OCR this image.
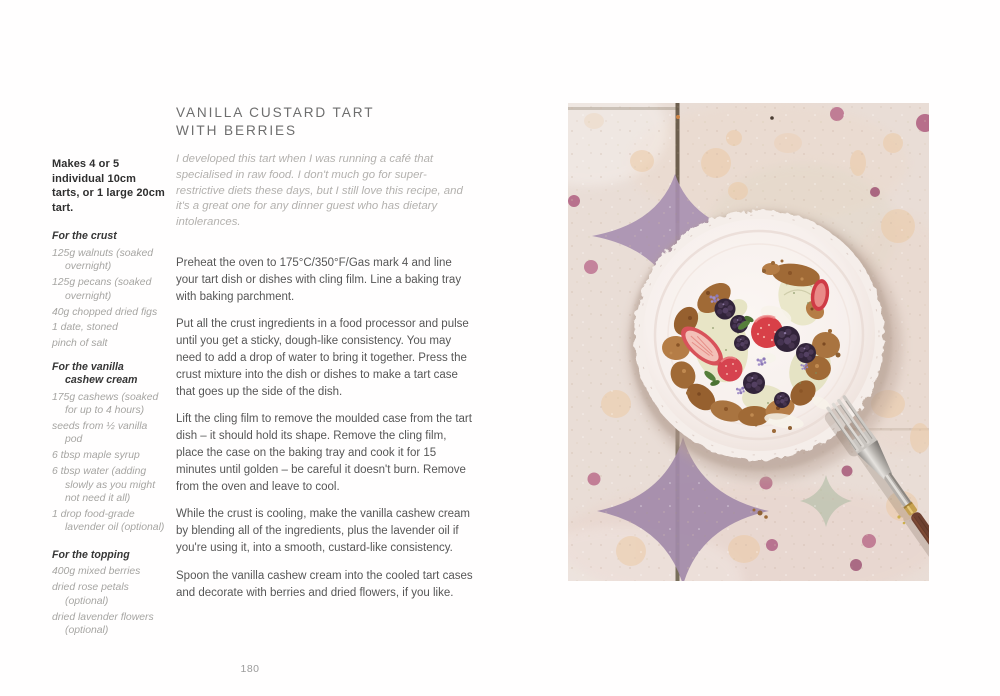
Makes 4 or 5 individual 10cm tarts, or 1 large 20cm tart.

For the crust

125g walnuts (soaked overnight)

125g pecans (soaked overnight)

40g chopped dried figs

1 date, stoned

pinch of salt

For the vanilla cashew cream

175g cashews (soaked for up to 4 hours)

seeds from ½ vanilla pod

6 tbsp maple syrup

6 tbsp water (adding slowly as you might not need it all)

1 drop food-grade lavender oil (optional)

For the topping

400g mixed berries

dried rose petals (optional)

dried lavender flowers (optional)

VANILLA CUSTARD TART
WITH BERRIES

I developed this tart when I was running a café that specialised in raw food. I don't much go for super-restrictive diets these days, but I still love this recipe, and it's a great one for any dinner guest who has dietary intolerances.

Preheat the oven to 175°C/350°F/Gas mark 4 and line your tart dish or dishes with cling film. Line a baking tray with baking parchment.

Put all the crust ingredients in a food processor and pulse until you get a sticky, dough-like consistency. You may need to add a drop of water to bring it together. Press the crust mixture into the dish or dishes to make a tart case that goes up the side of the dish.

Lift the cling film to remove the moulded case from the tart dish – it should hold its shape. Remove the cling film, place the case on the baking tray and cook it for 15 minutes until golden – be careful it doesn't burn. Remove from the oven and leave to cool.

While the crust is cooling, make the vanilla cashew cream by blending all of the ingredients, plus the lavender oil if you're using it, into a smooth, custard-like consistency.

Spoon the vanilla cashew cream into the cooled tart cases and decorate with berries and dried flowers, if you like.

180
